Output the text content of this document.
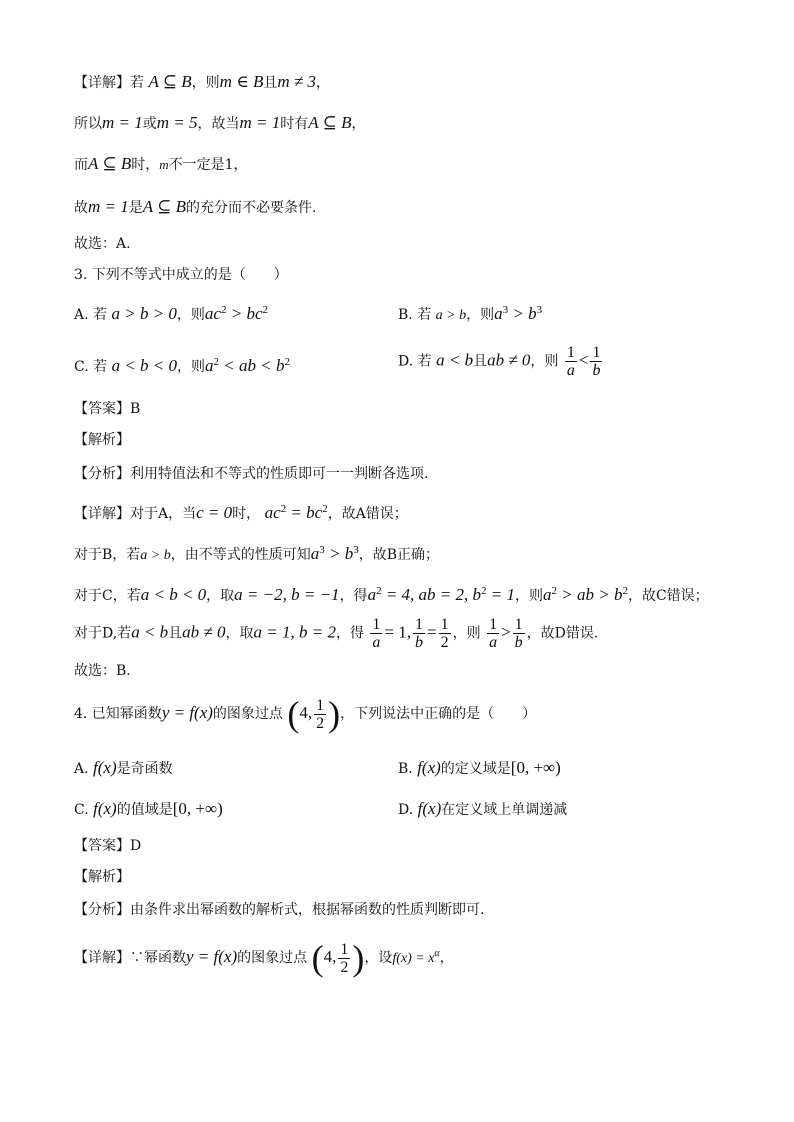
【详解】若 A ⊆ B，则m ∈ B且m ≠ 3，
所以m = 1或m = 5，故当m = 1时有A ⊆ B，
而A ⊆ B时，m不一定是1，
故m = 1是A ⊆ B的充分而不必要条件.
故选：A.
3. 下列不等式中成立的是（　　）
A. 若 a > b > 0，则$ac^2 > bc^2$	B. 若 a > b，则$a^3 > b^3$
C. 若 a < b < 0，则$a^2$ < ab < $b^2$	D. 若 a < b且ab ≠ 0，则 $\frac{1}{a} < \frac{1}{b}$
【答案】B
【解析】
【分析】利用特值法和不等式的性质即可一一判断各选项.
【详解】对于A，当c = 0时， $ac^2 = bc^2$，故A错误；
对于B，若a > b，由不等式的性质可知$a^3 > b^3$，故B正确；
对于C，若a < b < 0，取a = −2, b = −1，得$a^2 = 4$, ab = 2, $b^2 = 1$，则$a^2$ > ab > $b^2$，故C错误；
对于D,若a < b且ab ≠ 0，取a = 1, b = 2，得 $\frac{1}{a} = 1$, $\frac{1}{b} = \frac{1}{2}$ ，则 $\frac{1}{a} > \frac{1}{b}$ ，故D错误.
故选：B.
4. 已知幂函数y = f(x)的图象过点 (4, $\frac{1}{2}$ )，下列说法中正确的是（　　）
A. f(x)是奇函数	B. f(x)的定义域是[0, +∞)
C. f(x)的值域是[0, +∞)	D. f(x)在定义域上单调递减
【答案】D
【解析】
【分析】由条件求出幂函数的解析式，根据幂函数的性质判断即可.
【详解】∵幂函数y = f(x)的图象过点 (4, $\frac{1}{2}$ )，设$f(x) = x^\alpha$，
